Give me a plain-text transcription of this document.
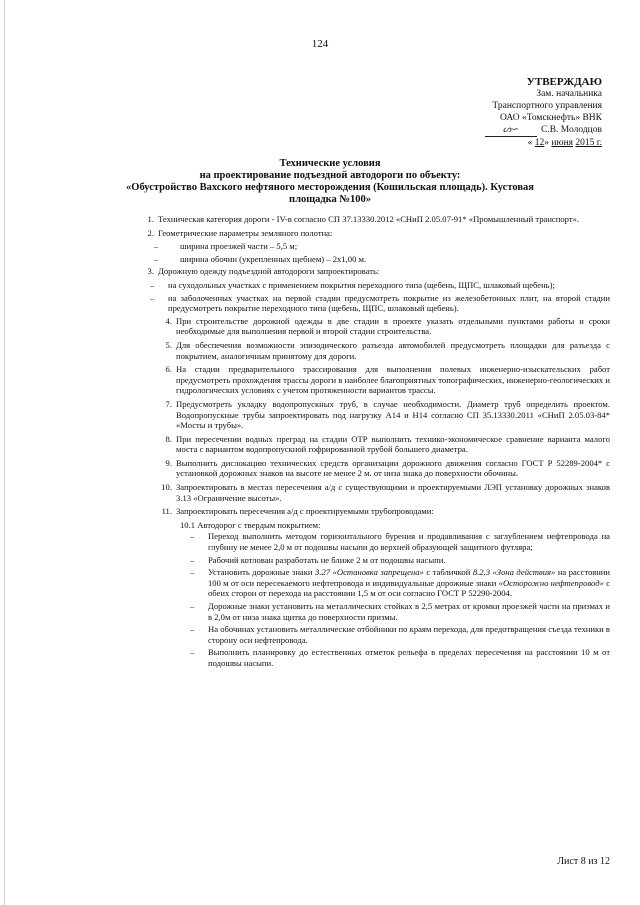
124
УТВЕРЖДАЮ
Зам. начальника
Транспортного управления
ОАО «Томскнефть» ВНК
ᔕ∽ С.В. Молодцов
« 12» июня 2015 г.
Технические условия
на проектирование подъездной автодороги по объекту:
«Обустройство Вахского нефтяного месторождения (Кошильская площадь). Кустовая
площадка №100»
1. Техническая категория дороги - IV-в согласно СП 37.13330.2012 «СНиП 2.05.07-91* «Промышленный транспорт».
2. Геометрические параметры земляного полотна:
– ширина проезжей части – 5,5 м;
– ширина обочин (укрепленных щебнем) – 2х1,00 м.
3. Дорожную одежду подъездной автодороги запроектировать:
– на суходольных участках с применением покрытия переходного типа (щебень, ЩПС, шлаковый щебень);
– на заболоченных участках на первой стадии предусмотреть покрытие из железобетонных плит, на второй стадии предусмотреть покрытие переходного типа (щебень, ЩПС, шлаковый щебень).
4. При строительстве дорожной одежды в две стадии в проекте указать отдельными пунктами работы и сроки необходимые для выполнения первой и второй стадии строительства.
5. Для обеспечения возможности эпизодического разъезда автомобилей предусмотреть площадки для разъезда с покрытием, аналогичным принятому для дороги.
6. На стадии предварительного трассирования для выполнения полевых инженерно-изыскательских работ предусмотреть прохождения трассы дороги в наиболее благоприятных топографических, инженерно-геологических и гидрологических условиях с учетом протяженности вариантов трассы.
7. Предусмотреть укладку водопропускных труб, в случае необходимости. Диаметр труб определить проектом. Водопропускные трубы запроектировать под нагрузку А14 и Н14 согласно СП 35.13330.2011 «СНиП 2.05.03-84* «Мосты и трубы».
8. При пересечении водных преград на стадии ОТР выполнить технико-экономическое сравнение варианта малого моста с вариантом водопропускной гофрированной трубой большего диаметра.
9. Выполнить дислокацию технических средств организации дорожного движения согласно ГОСТ Р 52289-2004* с установкой дорожных знаков на высоте не менее 2 м. от низа знака до поверхности обочины.
10. Запроектировать в местах пересечения а/д с существующими и проектируемыми ЛЭП установку дорожных знаков 3.13 «Ограничение высоты».
11. Запроектировать пересечения а/д с проектируемыми трубопроводами:
10.1 Автодорог с твердым покрытием:
– Переход выполнить методом горизонтального бурения и продавливания с заглублением нефтепровода на глубину не менее 2,0 м от подошвы насыпи до верхней образующей защитного футляра;
– Рабочий котлован разработать не ближе 2 м от подошвы насыпи.
– Установить дорожные знаки 3.27 «Остановка запрещена» с табличкой 8.2.3 «Зона действия» на расстоянии 100 м от оси пересекаемого нефтепровода и индивидуальные дорожные знаки «Осторожно нефтепровод» с обеих сторон от перехода на расстоянии 1,5 м от оси согласно ГОСТ Р 52290-2004.
– Дорожные знаки установить на металлических стойках в 2,5 метрах от кромки проезжей части на призмах и в 2,0м от низа знака щитка до поверхности призмы.
– На обочинах установить металлические отбойники по краям перехода, для предотвращения съезда техники в сторону оси нефтепровода.
– Выполнить планировку до естественных отметок рельефа в пределах пересечения на расстоянии 10 м от подошвы насыпи.
Лист 8 из 12
